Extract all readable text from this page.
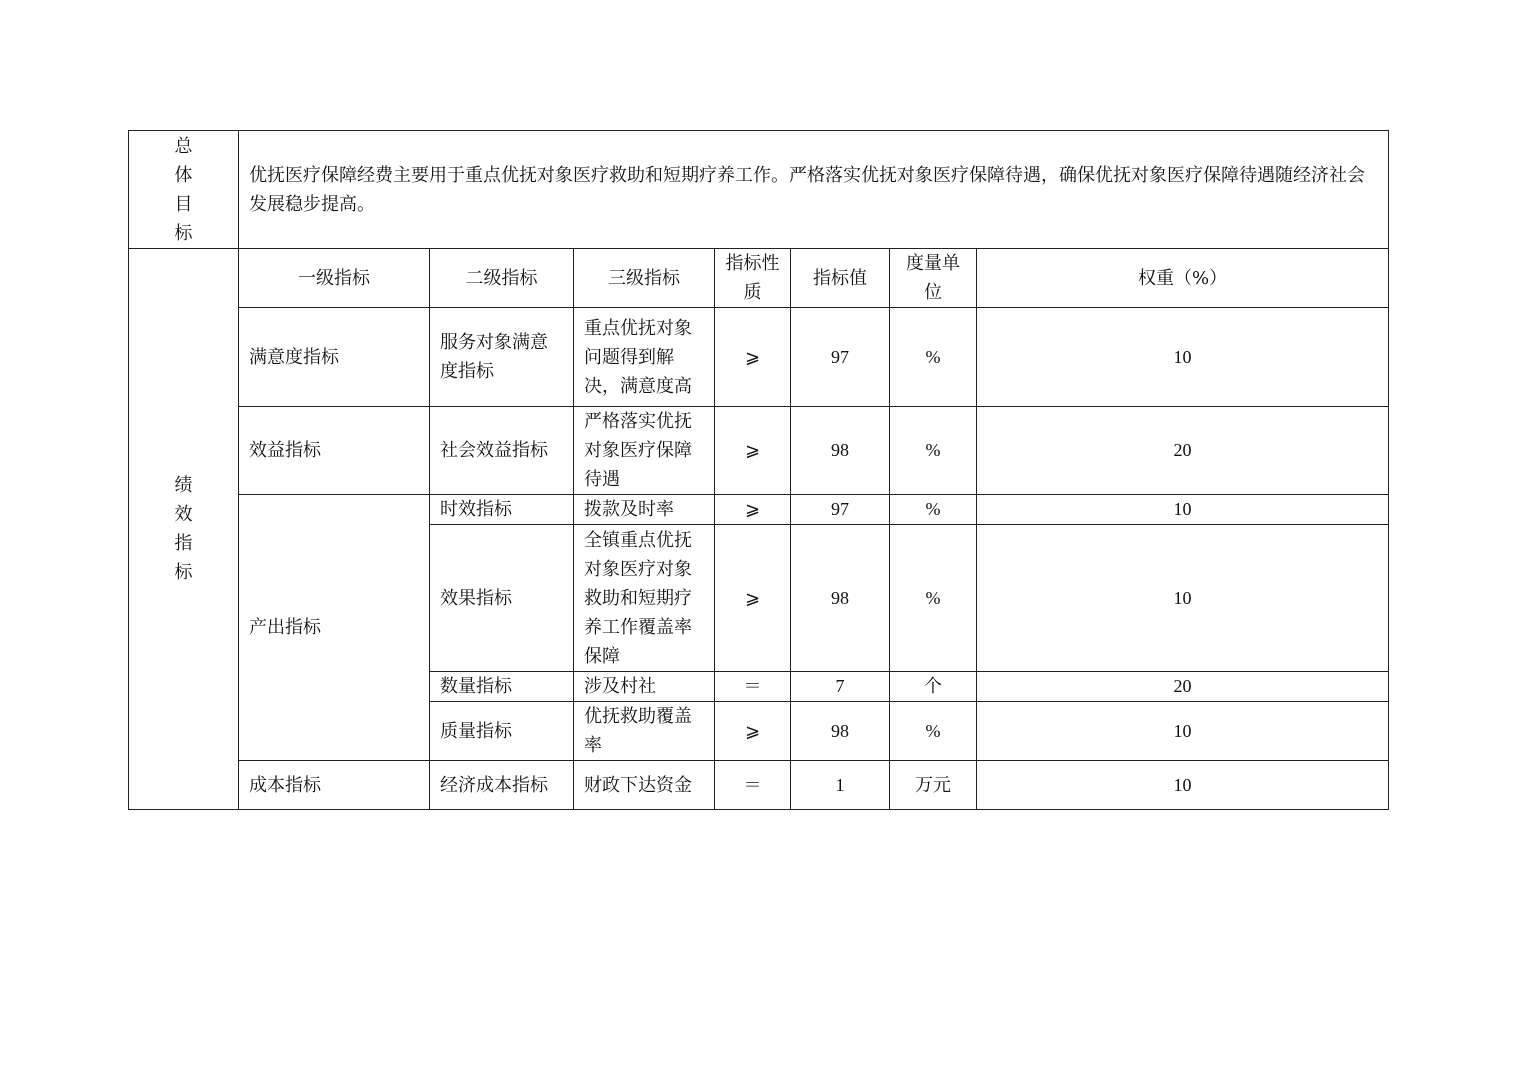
总体目标	优抚医疗保障经费主要用于重点优抚对象医疗救助和短期疗养工作。严格落实优抚对象医疗保障待遇，确保优抚对象医疗保障待遇随经济社会发展稳步提高。						
绩效指标	一级指标	二级指标	三级指标	指标性质	指标值	度量单位	权重（%）
	满意度指标	服务对象满意度指标	重点优抚对象问题得到解决，满意度高	⩾	97	%	10
	效益指标	社会效益指标	严格落实优抚对象医疗保障待遇	⩾	98	%	20
	产出指标	时效指标	拨款及时率	⩾	97	%	10
		效果指标	全镇重点优抚对象医疗对象救助和短期疗养工作覆盖率保障	⩾	98	%	10
		数量指标	涉及村社	＝	7	个	20
		质量指标	优抚救助覆盖率	⩾	98	%	10
	成本指标	经济成本指标	财政下达资金	＝	1	万元	10
